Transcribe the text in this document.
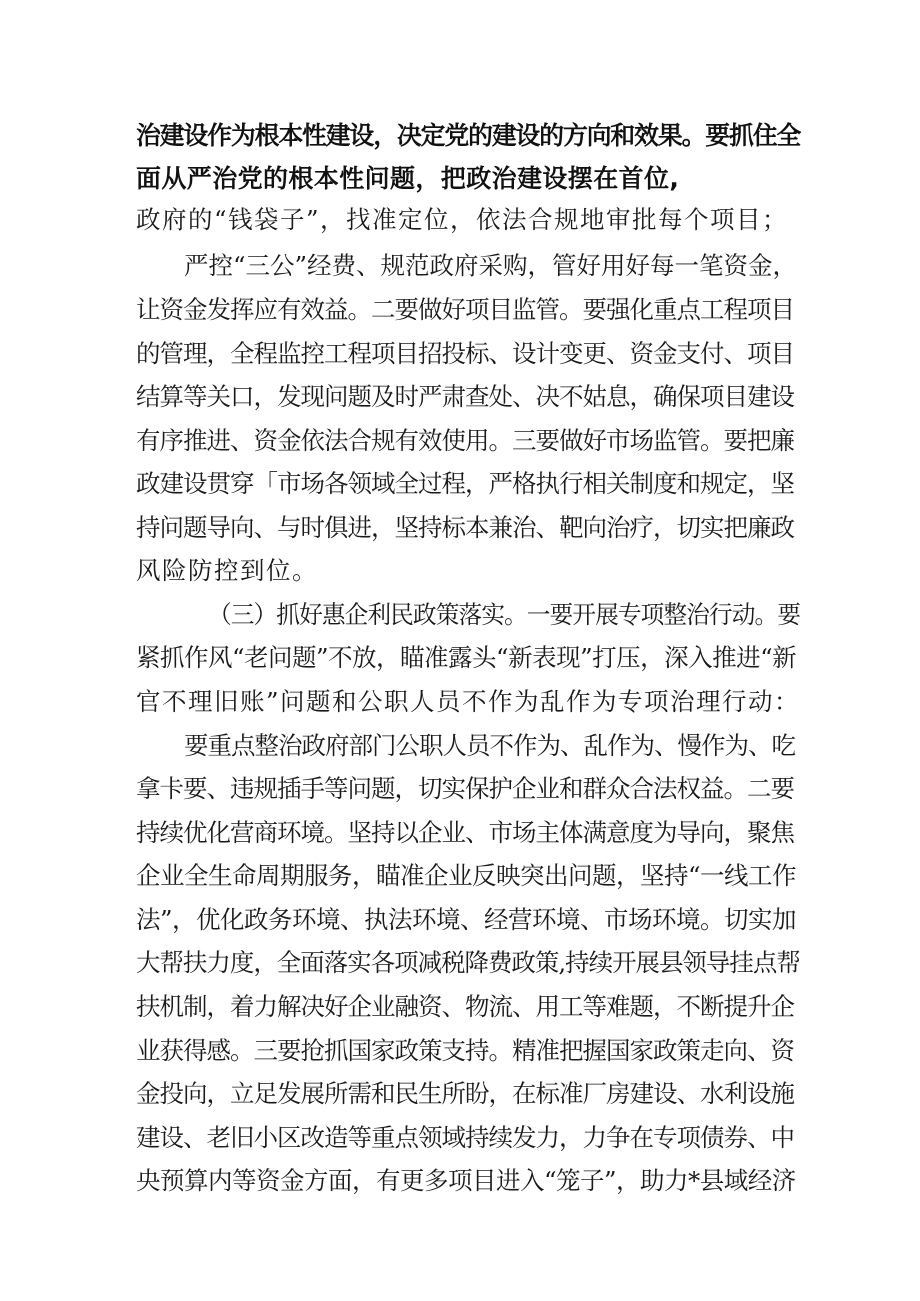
治建设作为根本性建设，决定党的建设的方向和效果。要抓住全
面从严治党的根本性问题，把政治建设摆在首位,
政府的“钱袋子”，找准定位，依法合规地审批每个项目；
严控“三公”经费、规范政府采购，管好用好每一笔资金，
让资金发挥应有效益。二要做好项目监管。要强化重点工程项目
的管理，全程监控工程项目招投标、设计变更、资金支付、项目
结算等关口，发现问题及时严肃查处、决不姑息，确保项目建设
有序推进、资金依法合规有效使用。三要做好市场监管。要把廉
政建设贯穿「市场各领域全过程，严格执行相关制度和规定，坚
持问题导向、与时俱进，坚持标本兼治、靶向治疗，切实把廉政
风险防控到位。
（三）抓好惠企利民政策落实。一要开展专项整治行动。要
紧抓作风“老问题”不放，瞄准露头“新表现”打压，深入推进“新
官不理旧账”问题和公职人员不作为乱作为专项治理行动：
要重点整治政府部门公职人员不作为、乱作为、慢作为、吃
拿卡要、违规插手等问题，切实保护企业和群众合法权益。二要
持续优化营商环境。坚持以企业、市场主体满意度为导向，聚焦
企业全生命周期服务，瞄准企业反映突出问题，坚持“一线工作
法”，优化政务环境、执法环境、经营环境、市场环境。切实加
大帮扶力度，全面落实各项减税降费政策,持续开展县领导挂点帮
扶机制，着力解决好企业融资、物流、用工等难题，不断提升企
业获得感。三要抢抓国家政策支持。精准把握国家政策走向、资
金投向，立足发展所需和民生所盼，在标准厂房建设、水利设施
建设、老旧小区改造等重点领域持续发力，力争在专项债券、中
央预算内等资金方面，有更多项目进入“笼子”，助力*县域经济
